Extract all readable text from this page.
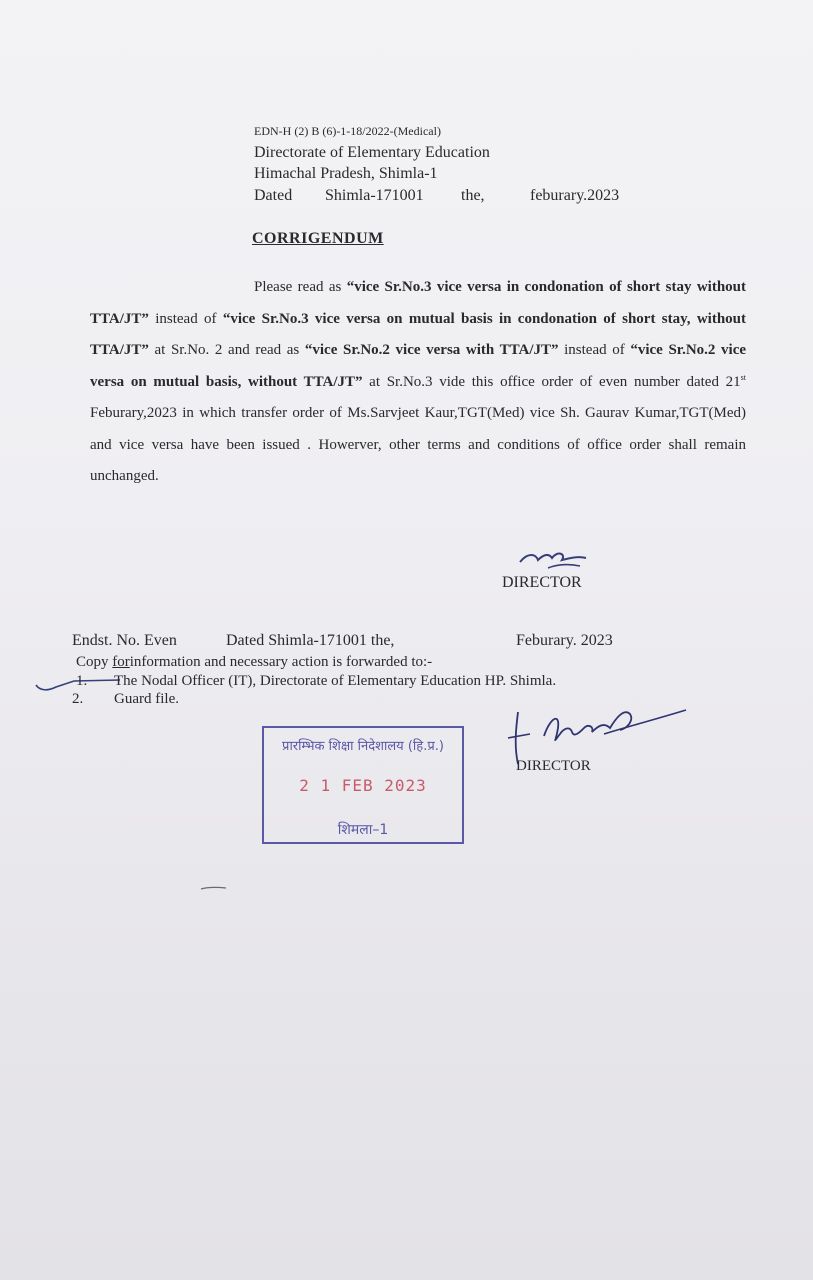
EDN-H (2) B (6)-1-18/2022-(Medical)
Directorate of Elementary Education
Himachal Pradesh, Shimla-1
Dated Shimla-171001 the,	feburary.2023
CORRIGENDUM
Please read as “vice Sr.No.3 vice versa in condonation of short stay without TTA/JT” instead of “vice Sr.No.3 vice versa on mutual basis in condonation of short stay, without TTA/JT” at Sr.No. 2 and read as “vice Sr.No.2 vice versa with TTA/JT” instead of “vice Sr.No.2 vice versa on mutual basis, without TTA/JT” at Sr.No.3 vide this office order of even number dated 21st Feburary,2023 in which transfer order of Ms.Sarvjeet Kaur,TGT(Med) vice Sh. Gaurav Kumar,TGT(Med) and vice versa have been issued . Howerver, other terms and conditions of office order shall remain unchanged.
DIRECTOR
Endst. No. Even	Dated Shimla-171001 the,	Feburary. 2023
Copy forinformation and necessary action is forwarded to:-
1. The Nodal Officer (IT), Directorate of Elementary Education HP. Shimla.
2. Guard file.
प्रारम्भिक शिक्षा निदेशालय (हि.प्र.)
2 1 FEB 2023
शिमला–1
DIRECTOR
